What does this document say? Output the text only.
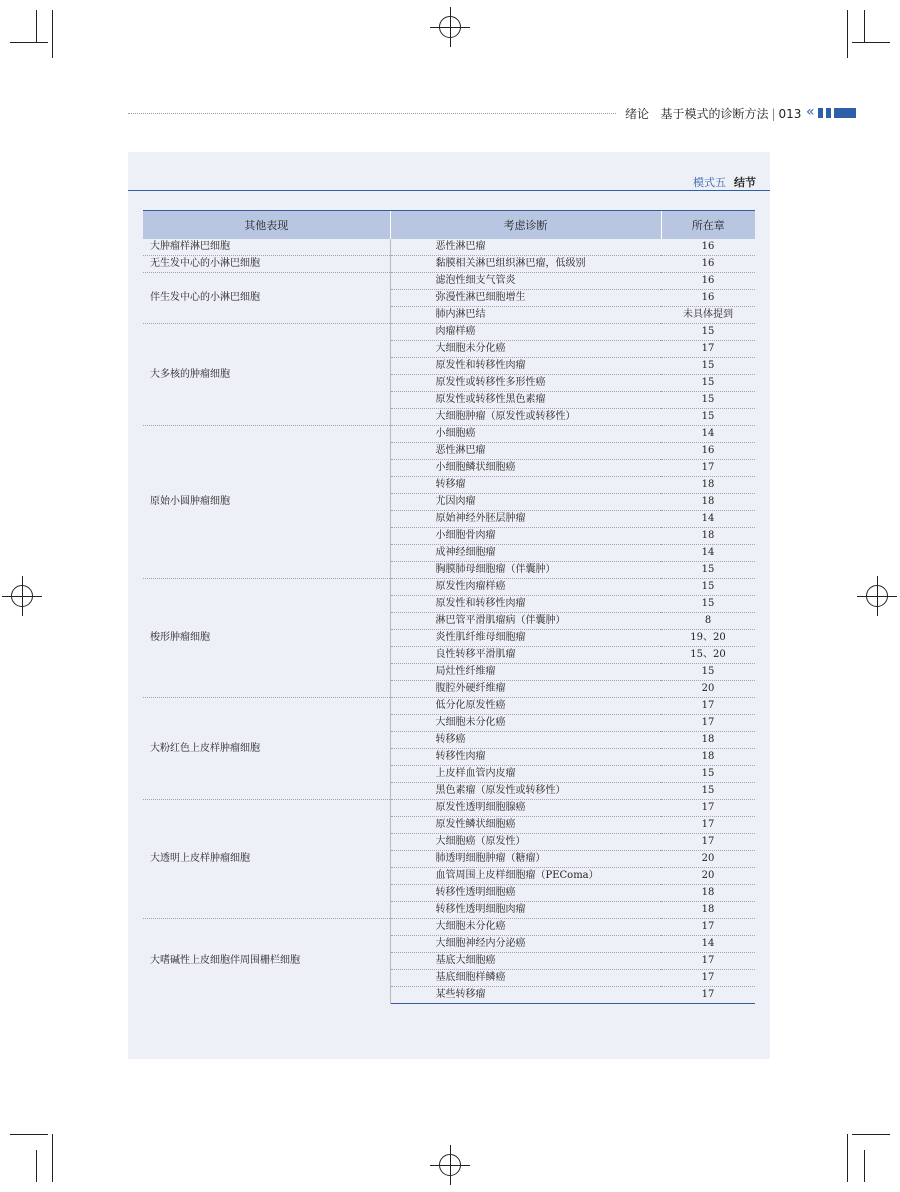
绪论 基于模式的诊断方法 | 013 «
模式五 结节
其他表现	考虑诊断	所在章
大肿瘤样淋巴细胞	恶性淋巴瘤	16
无生发中心的小淋巴细胞	黏膜相关淋巴组织淋巴瘤，低级别	16
伴生发中心的小淋巴细胞	滤泡性细支气管炎	16
	弥漫性淋巴细胞增生	16
	肺内淋巴结	未具体提到
大多核的肿瘤细胞	肉瘤样癌	15
	大细胞未分化癌	17
	原发性和转移性肉瘤	15
	原发性或转移性多形性癌	15
	原发性或转移性黑色素瘤	15
	大细胞肿瘤（原发性或转移性）	15
原始小圆肿瘤细胞	小细胞癌	14
	恶性淋巴瘤	16
	小细胞鳞状细胞癌	17
	转移瘤	18
	尤因肉瘤	18
	原始神经外胚层肿瘤	14
	小细胞骨肉瘤	18
	成神经细胞瘤	14
	胸膜肺母细胞瘤（伴囊肿）	15
梭形肿瘤细胞	原发性肉瘤样癌	15
	原发性和转移性肉瘤	15
	淋巴管平滑肌瘤病（伴囊肿）	8
	炎性肌纤维母细胞瘤	19、20
	良性转移平滑肌瘤	15、20
	局灶性纤维瘤	15
	腹腔外硬纤维瘤	20
大粉红色上皮样肿瘤细胞	低分化原发性癌	17
	大细胞未分化癌	17
	转移癌	18
	转移性肉瘤	18
	上皮样血管内皮瘤	15
	黑色素瘤（原发性或转移性）	15
大透明上皮样肿瘤细胞	原发性透明细胞腺癌	17
	原发性鳞状细胞癌	17
	大细胞癌（原发性）	17
	肺透明细胞肿瘤（糖瘤）	20
	血管周围上皮样细胞瘤（PEComa）	20
	转移性透明细胞癌	18
	转移性透明细胞肉瘤	18
大嗜碱性上皮细胞伴周围栅栏细胞	大细胞未分化癌	17
	大细胞神经内分泌癌	14
	基底大细胞癌	17
	基底细胞样鳞癌	17
	某些转移瘤	17
